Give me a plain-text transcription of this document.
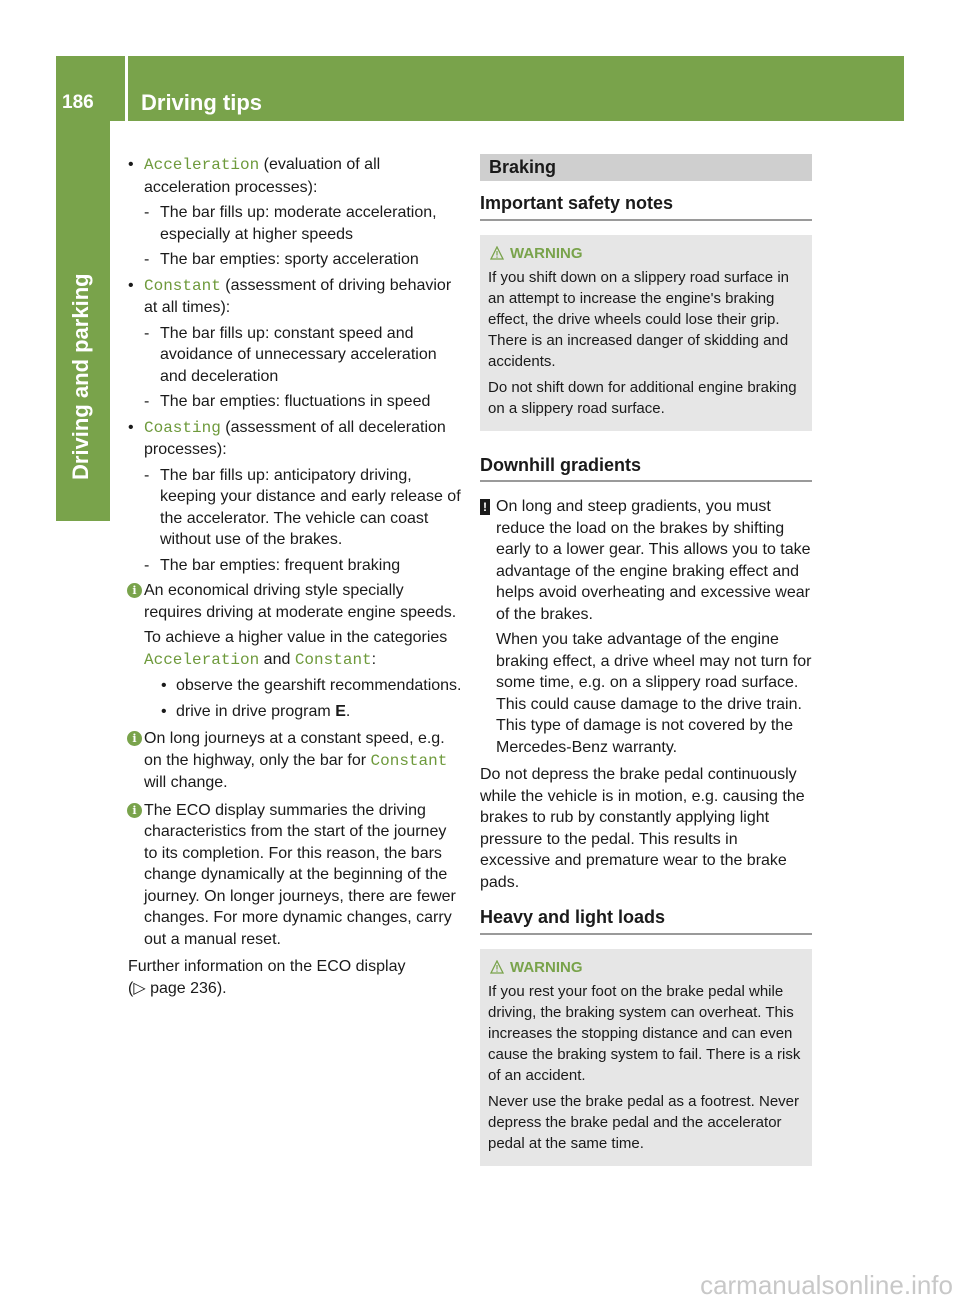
186	Driving tips
Driving and parking
• Acceleration (evaluation of all acceleration processes):
- The bar fills up: moderate acceleration, especially at higher speeds
- The bar empties: sporty acceleration
• Constant (assessment of driving behavior at all times):
- The bar fills up: constant speed and avoidance of unnecessary acceleration and deceleration
- The bar empties: fluctuations in speed
• Coasting (assessment of all deceleration processes):
- The bar fills up: anticipatory driving, keeping your distance and early release of the accelerator. The vehicle can coast without use of the brakes.
- The bar empties: frequent braking
i An economical driving style specially requires driving at moderate engine speeds.

To achieve a higher value in the categories Acceleration and Constant:

• observe the gearshift recommendations.
• drive in drive program E.
i On long journeys at a constant speed, e.g. on the highway, only the bar for Constant will change.

i The ECO display summaries the driving characteristics from the start of the journey to its completion. For this reason, the bars change dynamically at the beginning of the journey. On longer journeys, there are fewer changes. For more dynamic changes, carry out a manual reset.

Further information on the ECO display
(▷ page 236).

Braking
Important safety notes
WARNING

If you shift down on a slippery road surface in an attempt to increase the engine's braking effect, the drive wheels could lose their grip. There is an increased danger of skidding and accidents.

Do not shift down for additional engine braking on a slippery road surface.

Downhill gradients
! On long and steep gradients, you must reduce the load on the brakes by shifting early to a lower gear. This allows you to take advantage of the engine braking effect and helps avoid overheating and excessive wear of the brakes.

When you take advantage of the engine braking effect, a drive wheel may not turn for some time, e.g. on a slippery road surface. This could cause damage to the drive train. This type of damage is not covered by the Mercedes-Benz warranty.

Do not depress the brake pedal continuously while the vehicle is in motion, e.g. causing the brakes to rub by constantly applying light pressure to the pedal. This results in excessive and premature wear to the brake pads.

Heavy and light loads
WARNING

If you rest your foot on the brake pedal while driving, the braking system can overheat. This increases the stopping distance and can even cause the braking system to fail. There is a risk of an accident.

Never use the brake pedal as a footrest. Never depress the brake pedal and the accelerator pedal at the same time.

carmanualsonline.info
